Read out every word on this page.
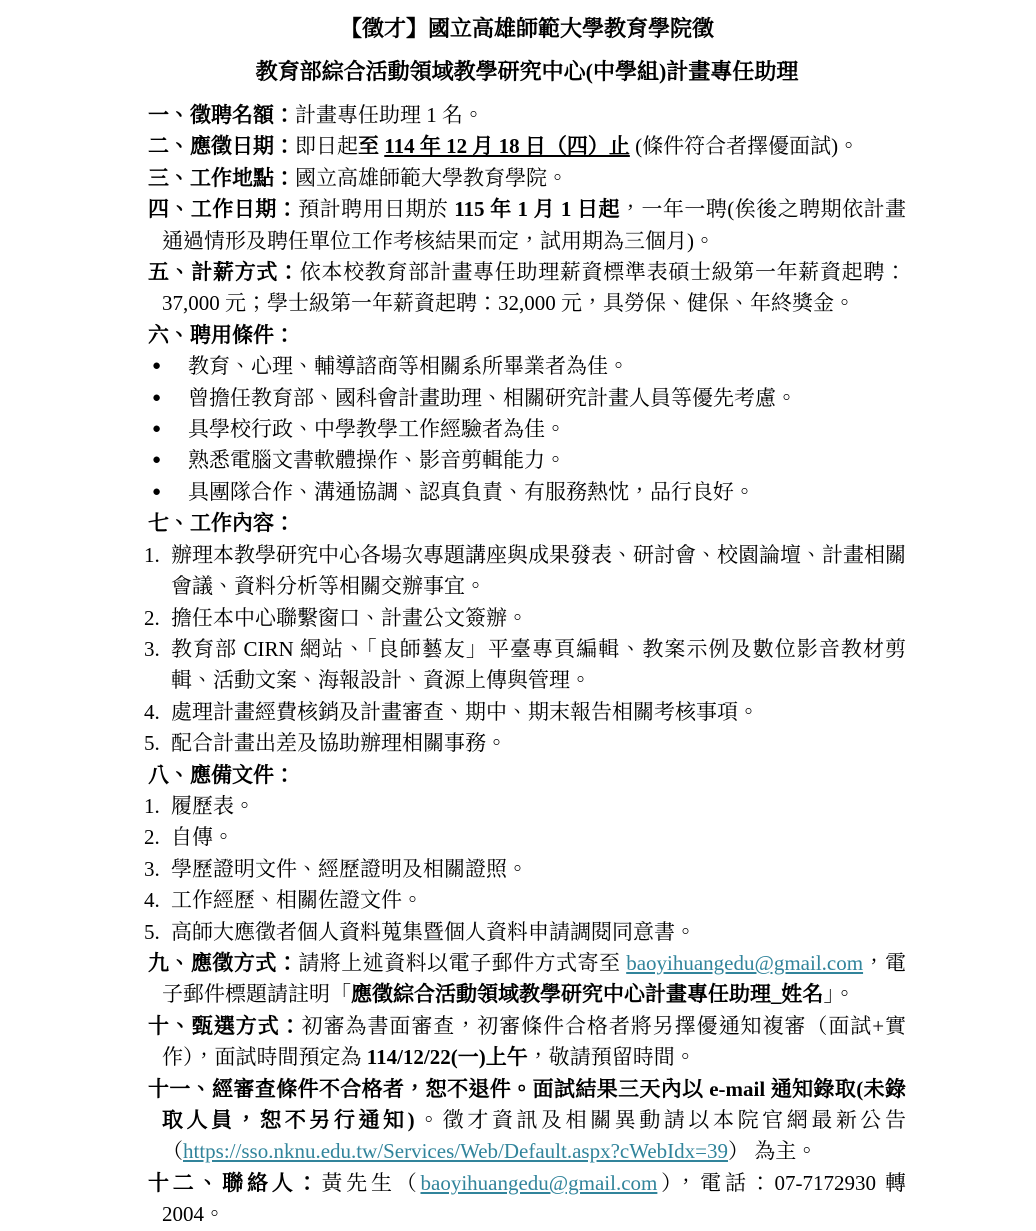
【徵才】國立高雄師範大學教育學院徵
教育部綜合活動領域教學研究中心(中學組)計畫專任助理

一、徵聘名額：計畫專任助理 1 名。

二、應徵日期：即日起至 114 年 12 月 18 日（四）止 (條件符合者擇優面試)。

三、工作地點：國立高雄師範大學教育學院。

四、工作日期：預計聘用日期於 115 年 1 月 1 日起，一年一聘(俟後之聘期依計畫通過情形及聘任單位工作考核結果而定，試用期為三個月)。

五、計薪方式：依本校教育部計畫專任助理薪資標準表碩士級第一年薪資起聘：37,000 元；學士級第一年薪資起聘：32,000 元，具勞保、健保、年終獎金。

六、聘用條件：

●	教育、心理、輔導諮商等相關系所畢業者為佳。
●	曾擔任教育部、國科會計畫助理、相關研究計畫人員等優先考慮。
●	具學校行政、中學教學工作經驗者為佳。
●	熟悉電腦文書軟體操作、影音剪輯能力。
●	具團隊合作、溝通協調、認真負責、有服務熱忱，品行良好。

七、工作內容：

1. 辦理本教學研究中心各場次專題講座與成果發表、研討會、校園論壇、計畫相關會議、資料分析等相關交辦事宜。
2. 擔任本中心聯繫窗口、計畫公文簽辦。
3. 教育部 CIRN 網站、「良師藝友」平臺專頁編輯、教案示例及數位影音教材剪輯、活動文案、海報設計、資源上傳與管理。
4. 處理計畫經費核銷及計畫審查、期中、期末報告相關考核事項。
5. 配合計畫出差及協助辦理相關事務。

八、應備文件：

1. 履歷表。
2. 自傳。
3. 學歷證明文件、經歷證明及相關證照。
4. 工作經歷、相關佐證文件。
5. 高師大應徵者個人資料蒐集暨個人資料申請調閱同意書。

九、應徵方式：請將上述資料以電子郵件方式寄至 baoyihuangedu@gmail.com，電子郵件標題請註明「應徵綜合活動領域教學研究中心計畫專任助理_姓名」。

十、甄選方式：初審為書面審查，初審條件合格者將另擇優通知複審（面試+實作），面試時間預定為 114/12/22(一)上午，敬請預留時間。

十一、經審查條件不合格者，恕不退件。面試結果三天內以 e-mail 通知錄取(未錄取人員，恕不另行通知)。徵才資訊及相關異動請以本院官網最新公告（https://sso.nknu.edu.tw/Services/Web/Default.aspx?cWebIdx=39） 為主。

十二、聯絡人：黃先生（baoyihuangedu@gmail.com），電話：07-7172930 轉 2004。
